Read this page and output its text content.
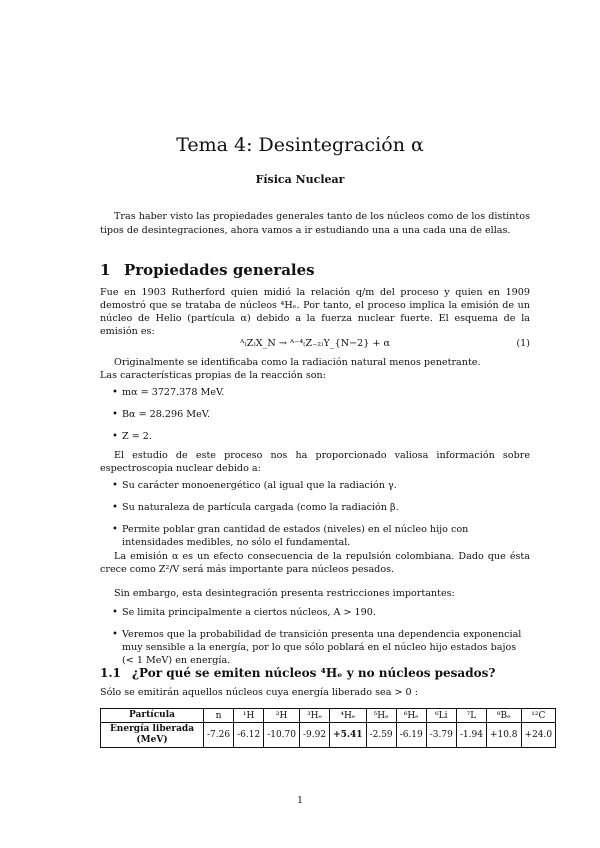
Tema 4: Desintegración α
Física Nuclear
Tras haber visto las propiedades generales tanto de los núcleos como de los distintos tipos de desintegraciones, ahora vamos a ir estudiando una a una cada una de ellas.
1 Propiedades generales
Fue en 1903 Rutherford quien midió la relación q/m del proceso y quien en 1909 demostró que se trataba de núcleos ⁴Hₑ. Por tanto, el proceso implica la emisión de un núcleo de Helio (partícula α) debido a la fuerza nuclear fuerte. El esquema de la emisión es:
ᴬ₍Z₎X_N → ᴬ⁻⁴₍Z₋₂₎Y_{N−2} + α	(1)
Originalmente se identificaba como la radiación natural menos penetrante.
Las características propias de la reacción son:

• mα = 3727.378 MeV.

• Bα = 28.296 MeV.

• Z = 2.

El estudio de este proceso nos ha proporcionado valiosa información sobre espectroscopia nuclear debido a:

• Su carácter monoenergético (al igual que la radiación γ.

• Su naturaleza de partícula cargada (como la radiación β.

• Permite poblar gran cantidad de estados (niveles) en el núcleo hijo con intensidades medibles, no sólo el fundamental.

La emisión α es un efecto consecuencia de la repulsión colombiana. Dado que ésta crece como Z²/V será más importante para núcleos pesados.
Sin embargo, esta desintegración presenta restricciones importantes:

• Se limita principalmente a ciertos núcleos, A > 190.

• Veremos que la probabilidad de transición presenta una dependencia exponencial muy sensible a la energía, por lo que sólo poblará en el núcleo hijo estados bajos (< 1 MeV) en energía.

1.1 ¿Por qué se emiten núcleos ⁴Hₑ y no núcleos pesados?
Sólo se emitirán aquellos núcleos cuya energía liberado sea > 0 :
Partícula	n	¹H	²H	³Hₑ	⁴Hₑ	⁵Hₑ	⁶Hₑ	⁶Li	⁷L	⁸Bₑ	¹²C
Energía liberada (MeV)	-7.26	-6.12	-10.70	-9.92	+5.41	-2.59	-6.19	-3.79	-1.94	+10.8	+24.0
1
